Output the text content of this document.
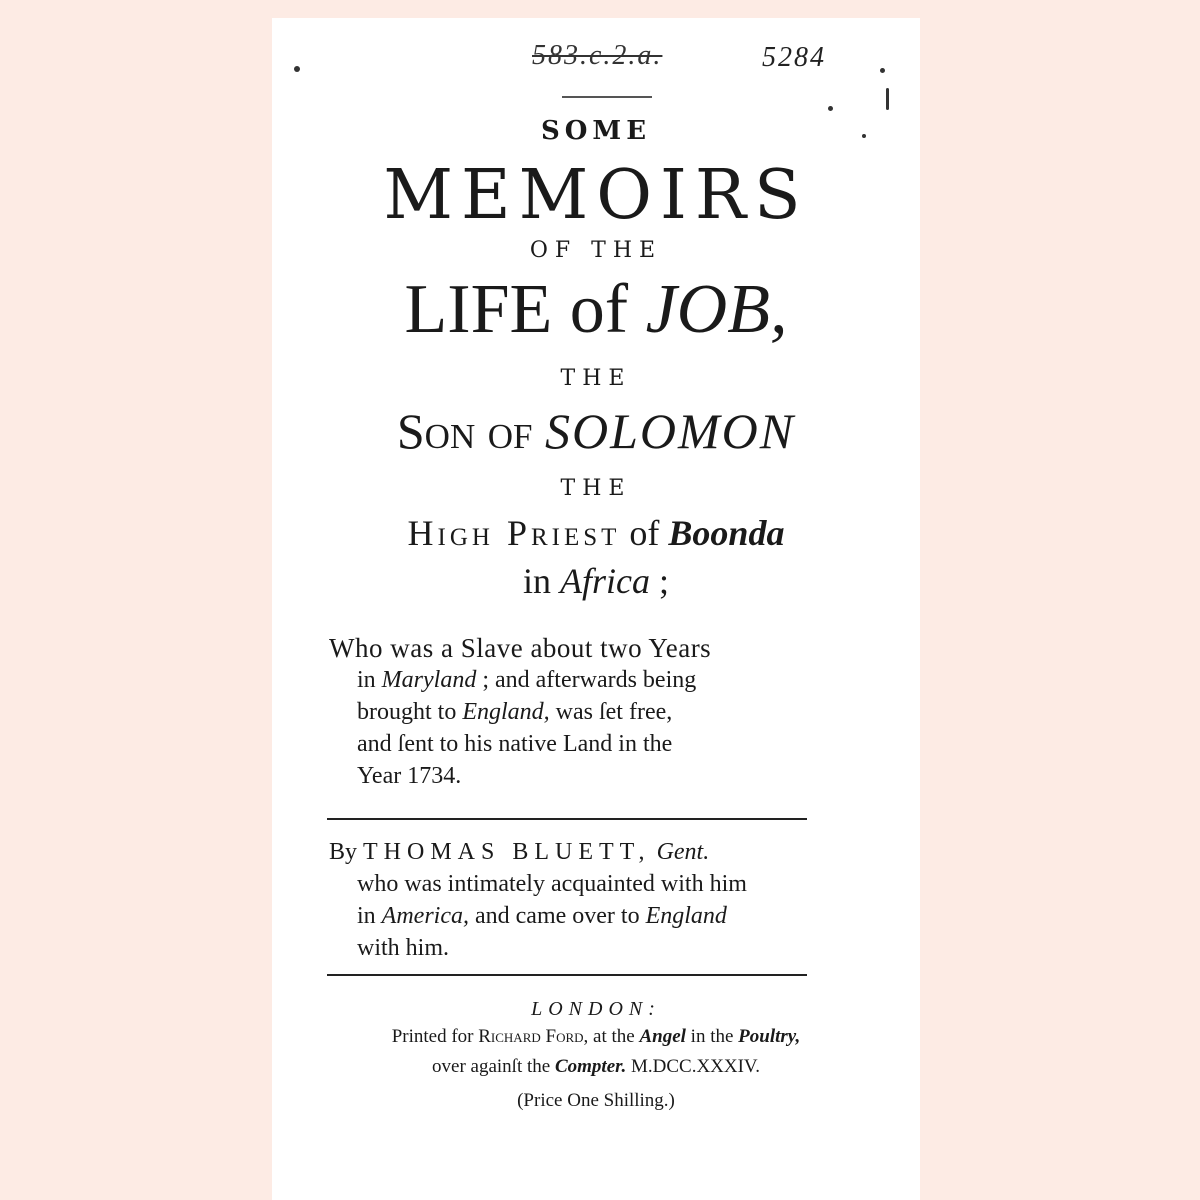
583.c.2.a.	5284
SOME
MEMOIRS
OF THE
LIFE of JOB,
THE
Son of SOLOMON
THE
High Priest of Boonda
in Africa ;
Who was a Slave about two Years
in Maryland ; and afterwards being
brought to England, was ſet free,
and ſent to his native Land in the
Year 1734.
By THOMAS BLUETT, Gent.
who was intimately acquainted with him
in America, and came over to England
with him.
LONDON:
Printed for Richard Ford, at the Angel in the Poultry,
over againſt the Compter. M.DCC.XXXIV.
(Price One Shilling.)
